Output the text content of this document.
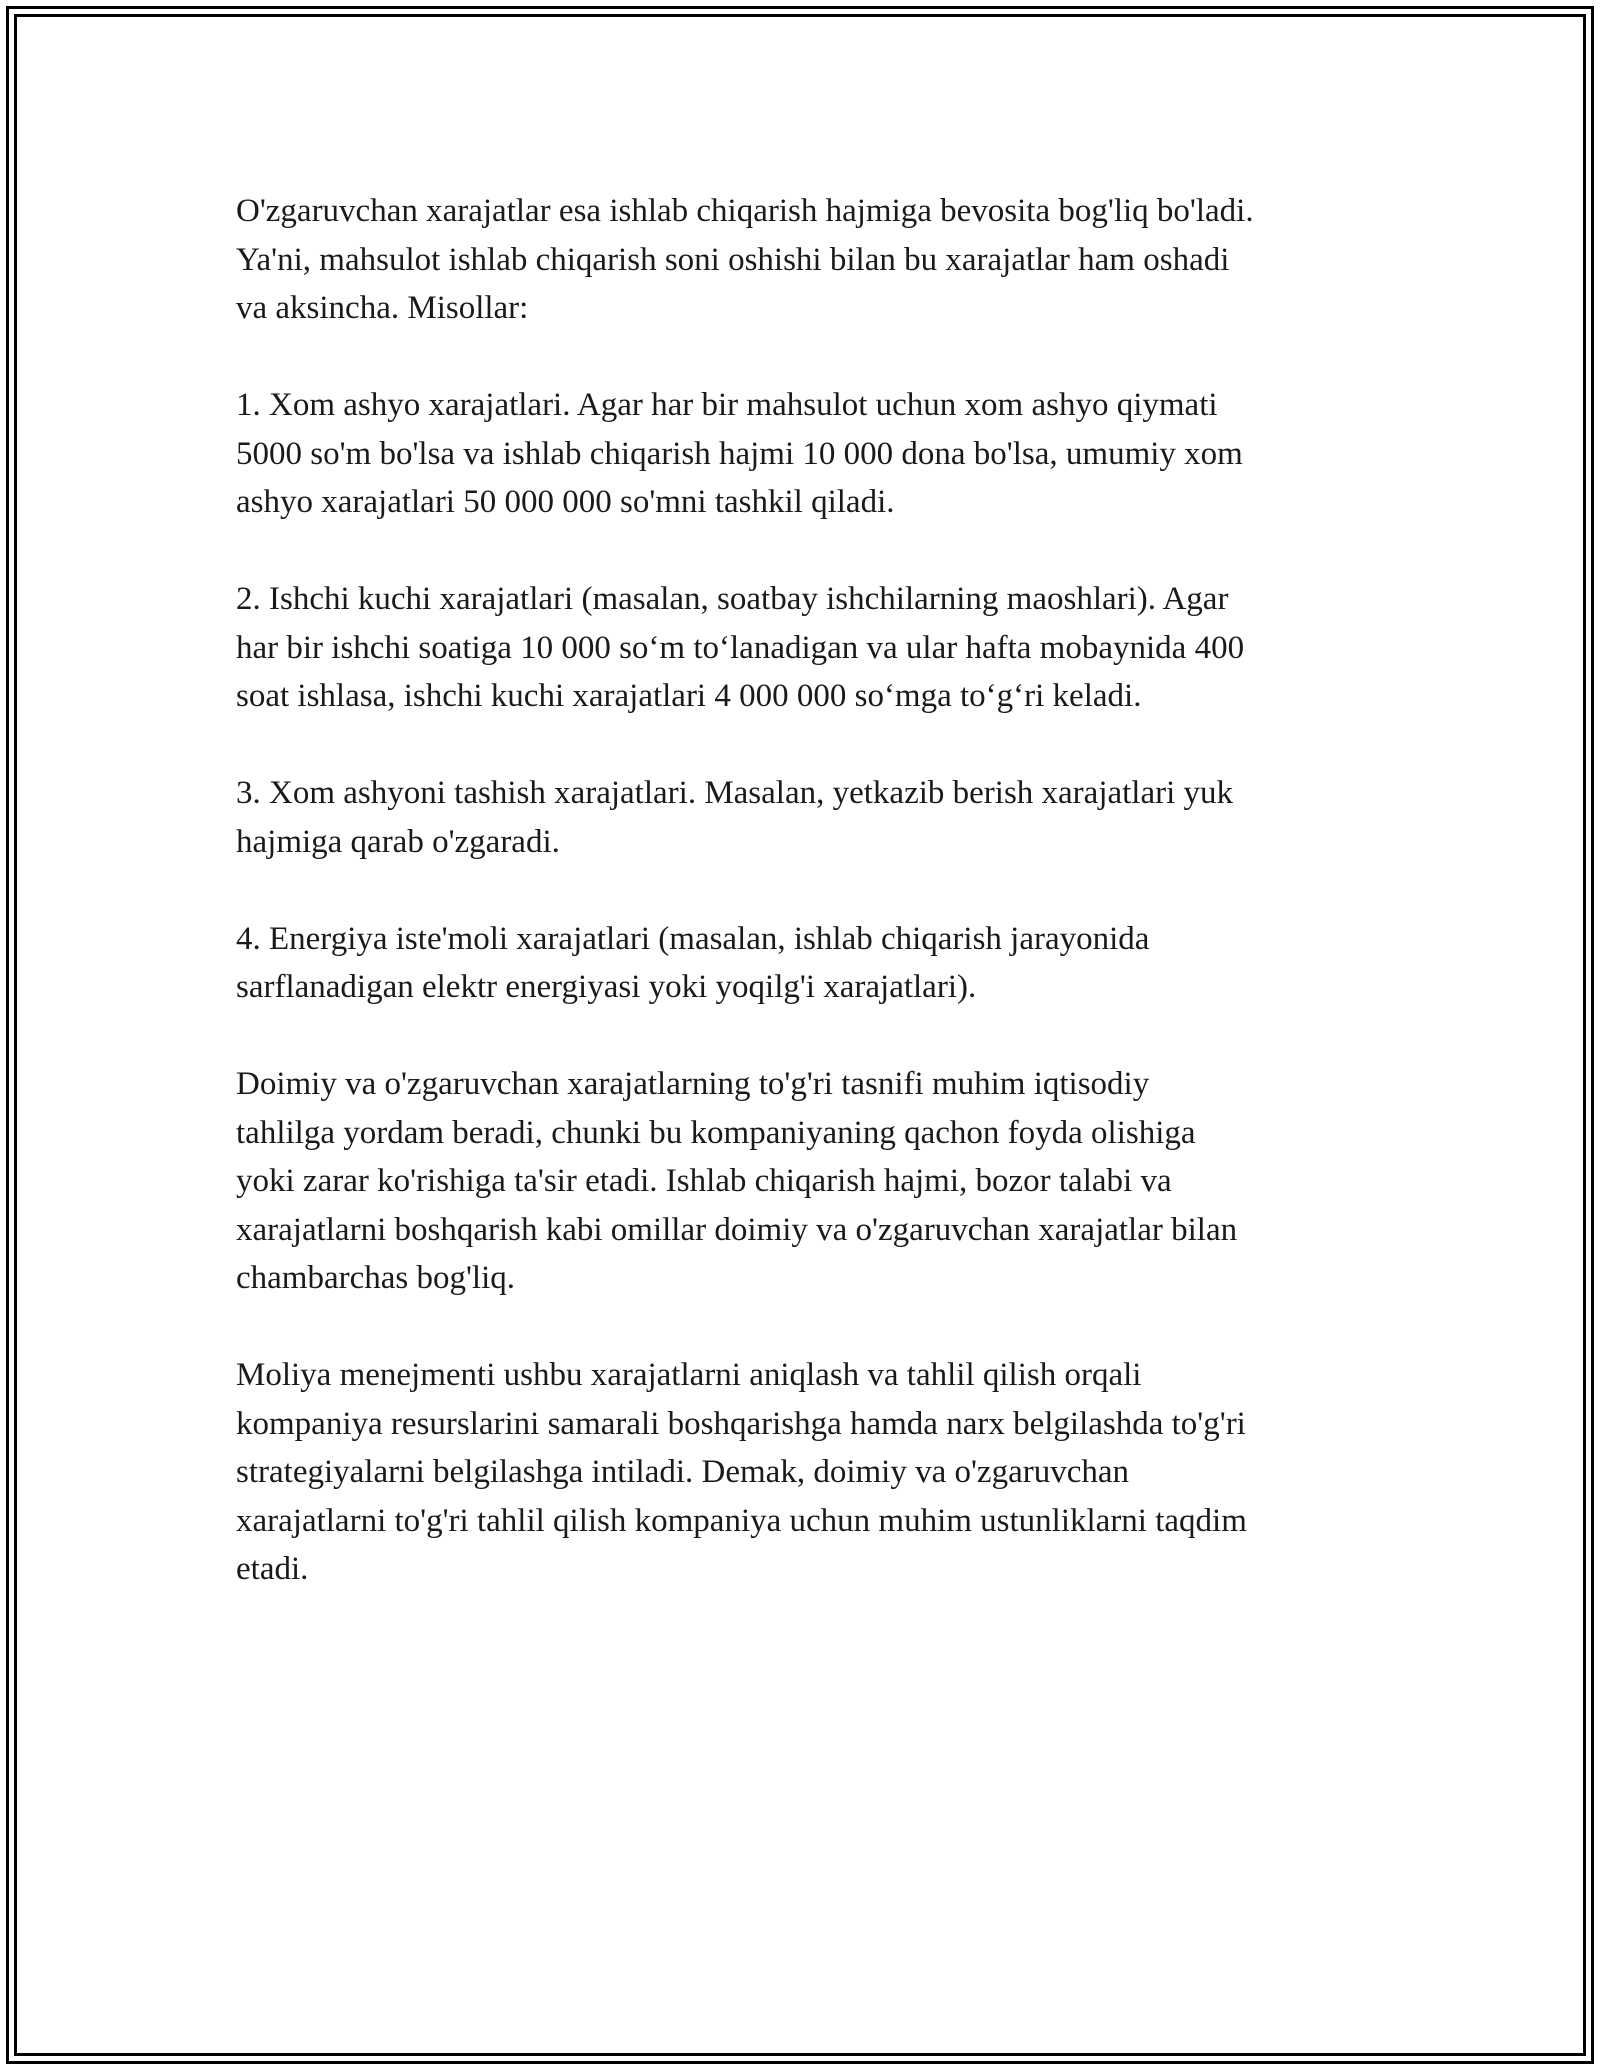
O'zgaruvchan xarajatlar esa ishlab chiqarish hajmiga bevosita bog'liq bo'ladi.
Ya'ni, mahsulot ishlab chiqarish soni oshishi bilan bu xarajatlar ham oshadi
va aksincha. Misollar:

1. Xom ashyo xarajatlari. Agar har bir mahsulot uchun xom ashyo qiymati
5000 so'm bo'lsa va ishlab chiqarish hajmi 10 000 dona bo'lsa, umumiy xom
ashyo xarajatlari 50 000 000 so'mni tashkil qiladi.

2. Ishchi kuchi xarajatlari (masalan, soatbay ishchilarning maoshlari). Agar
har bir ishchi soatiga 10 000 so‘m to‘lanadigan va ular hafta mobaynida 400
soat ishlasa, ishchi kuchi xarajatlari 4 000 000 so‘mga to‘g‘ri keladi.

3. Xom ashyoni tashish xarajatlari. Masalan, yetkazib berish xarajatlari yuk
hajmiga qarab o'zgaradi.

4. Energiya iste'moli xarajatlari (masalan, ishlab chiqarish jarayonida
sarflanadigan elektr energiyasi yoki yoqilg'i xarajatlari).

Doimiy va o'zgaruvchan xarajatlarning to'g'ri tasnifi muhim iqtisodiy
tahlilga yordam beradi, chunki bu kompaniyaning qachon foyda olishiga
yoki zarar ko'rishiga ta'sir etadi. Ishlab chiqarish hajmi, bozor talabi va
xarajatlarni boshqarish kabi omillar doimiy va o'zgaruvchan xarajatlar bilan
chambarchas bog'liq.

Moliya menejmenti ushbu xarajatlarni aniqlash va tahlil qilish orqali
kompaniya resurslarini samarali boshqarishga hamda narx belgilashda to'g'ri
strategiyalarni belgilashga intiladi. Demak, doimiy va o'zgaruvchan
xarajatlarni to'g'ri tahlil qilish kompaniya uchun muhim ustunliklarni taqdim
etadi.
